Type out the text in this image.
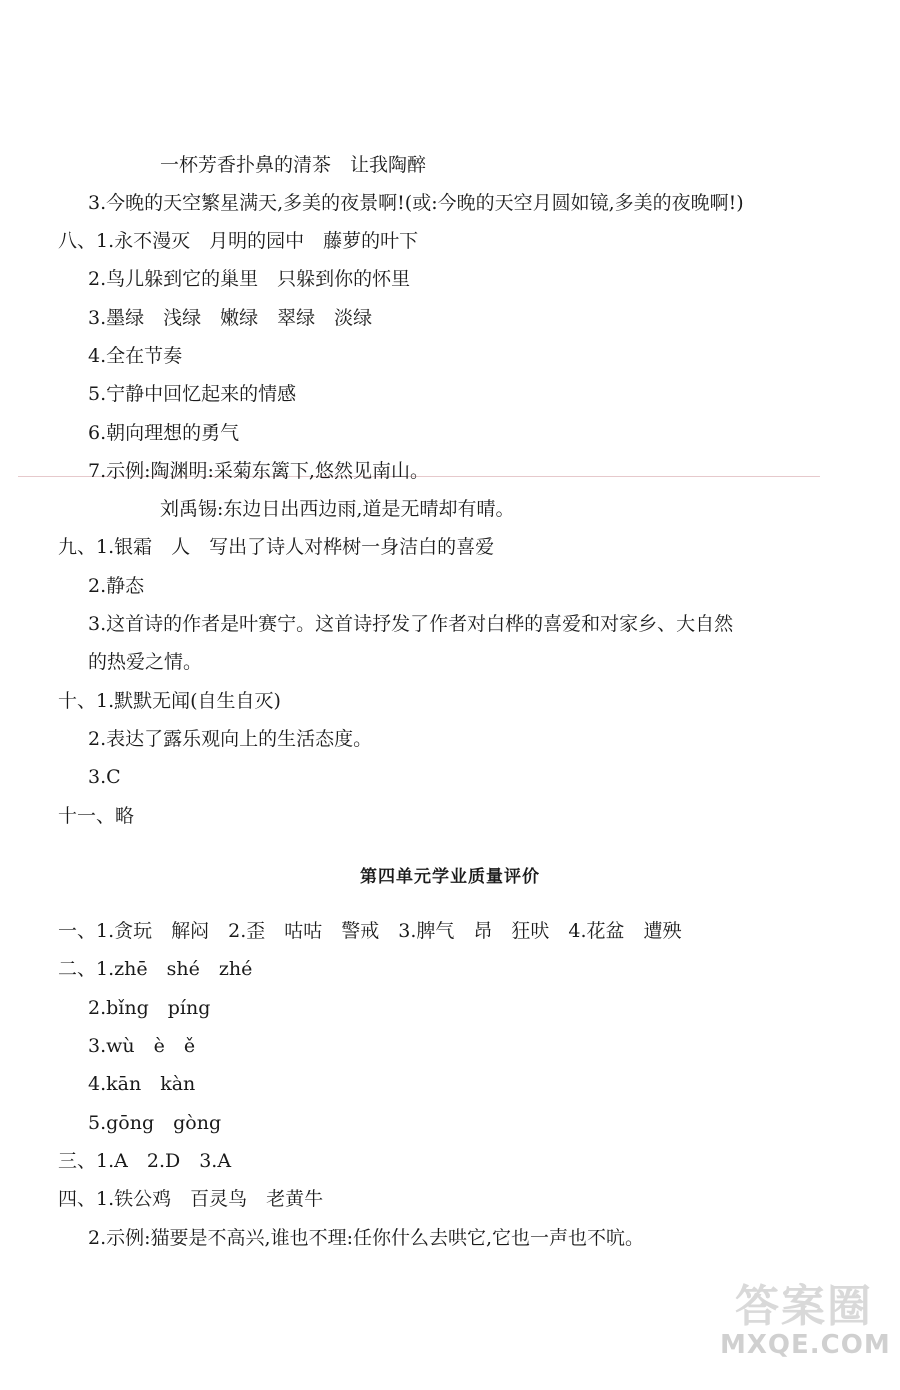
一杯芳香扑鼻的清茶　让我陶醉
3.今晚的天空繁星满天,多美的夜景啊!(或:今晚的天空月圆如镜,多美的夜晚啊!)
八、1.永不漫灭　月明的园中　藤萝的叶下
2.鸟儿躲到它的巢里　只躲到你的怀里
3.墨绿　浅绿　嫩绿　翠绿　淡绿
4.全在节奏
5.宁静中回忆起来的情感
6.朝向理想的勇气
7.示例:陶渊明:采菊东篱下,悠然见南山。
刘禹锡:东边日出西边雨,道是无晴却有晴。
九、1.银霜　人　写出了诗人对桦树一身洁白的喜爱
2.静态
3.这首诗的作者是叶赛宁。这首诗抒发了作者对白桦的喜爱和对家乡、大自然
的热爱之情。
十、1.默默无闻(自生自灭)
2.表达了露乐观向上的生活态度。
3.C
十一、略
第四单元学业质量评价
一、1.贪玩　解闷　2.歪　咕咕　警戒　3.脾气　昂　狂吠　4.花盆　遭殃
二、1.zhē　shé　zhé
2.bǐng　píng
3.wù　è　ě
4.kān　kàn
5.gōng　gòng
三、1.A　2.D　3.A
四、1.铁公鸡　百灵鸟　老黄牛
2.示例:猫要是不高兴,谁也不理:任你什么去哄它,它也一声也不吭。
答案圈
MXQE.COM
